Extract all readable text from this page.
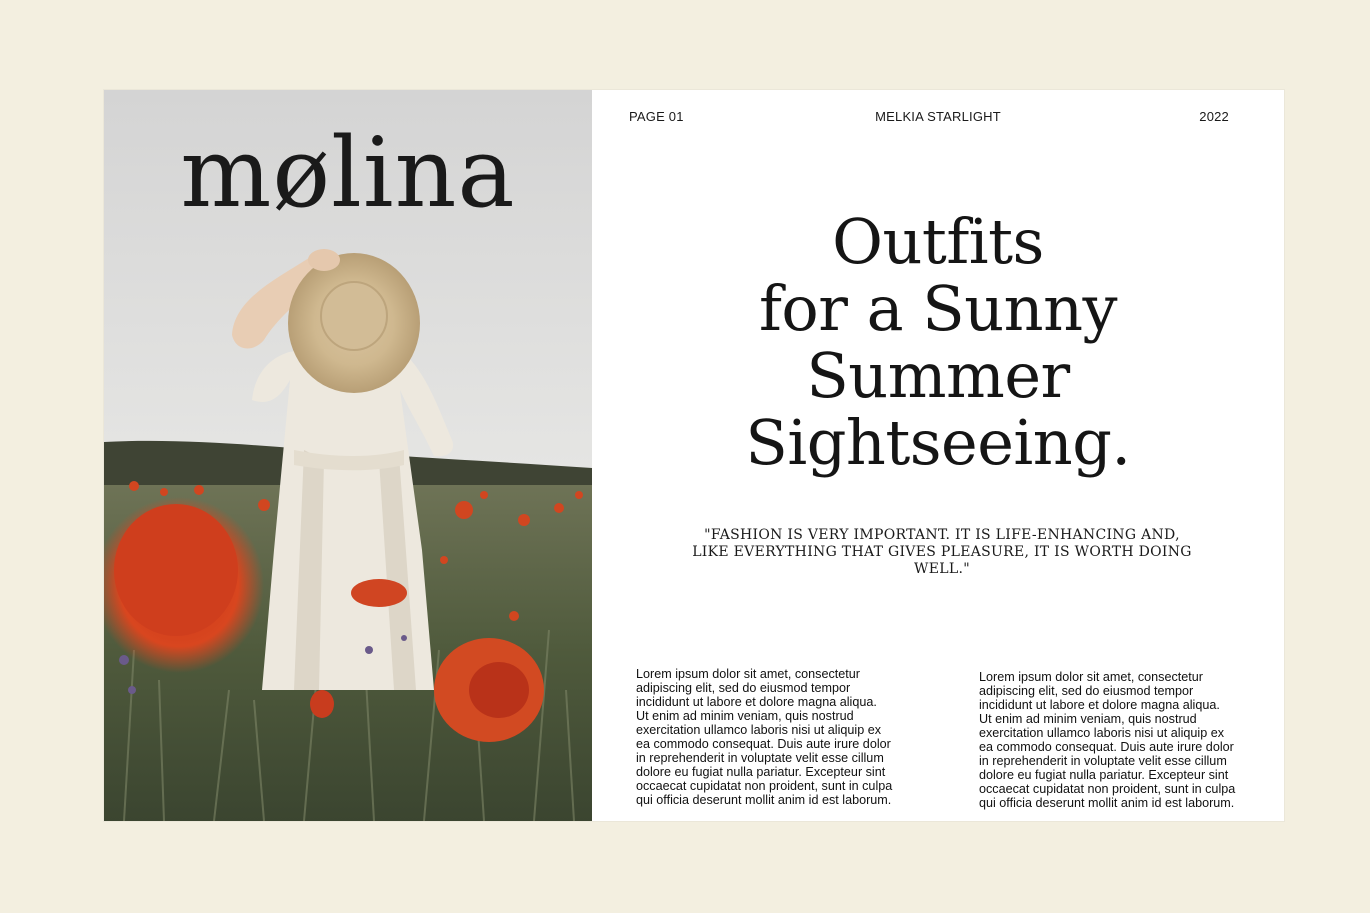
mølina
PAGE 01	MELKIA STARLIGHT	2022
Outfits
for a Sunny
Summer
Sightseeing.
"FASHION IS VERY IMPORTANT. IT IS LIFE-ENHANCING AND, LIKE EVERYTHING THAT GIVES PLEASURE, IT IS WORTH DOING WELL."
Lorem ipsum dolor sit amet, consectetur
adipiscing elit, sed do eiusmod tempor
incididunt ut labore et dolore magna aliqua.
Ut enim ad minim veniam, quis nostrud
exercitation ullamco laboris nisi ut aliquip ex
ea commodo consequat. Duis aute irure dolor
in reprehenderit in voluptate velit esse cillum
dolore eu fugiat nulla pariatur. Excepteur sint
occaecat cupidatat non proident, sunt in culpa
qui officia deserunt mollit anim id est laborum.
Lorem ipsum dolor sit amet, consectetur
adipiscing elit, sed do eiusmod tempor
incididunt ut labore et dolore magna aliqua.
Ut enim ad minim veniam, quis nostrud
exercitation ullamco laboris nisi ut aliquip ex
ea commodo consequat. Duis aute irure dolor
in reprehenderit in voluptate velit esse cillum
dolore eu fugiat nulla pariatur. Excepteur sint
occaecat cupidatat non proident, sunt in culpa
qui officia deserunt mollit anim id est laborum.
